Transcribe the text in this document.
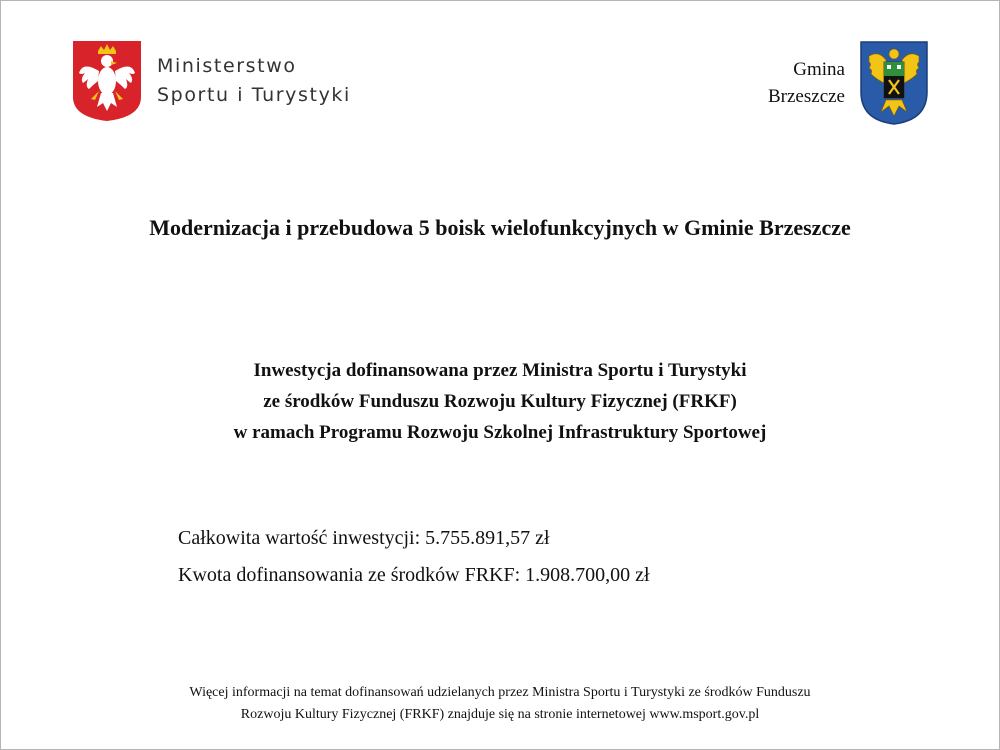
Ministerstwo
Sportu i Turystyki
Gmina
Brzeszcze
Modernizacja i przebudowa 5 boisk wielofunkcyjnych w Gminie Brzeszcze
Inwestycja dofinansowana przez Ministra Sportu i Turystyki
ze środków Funduszu Rozwoju Kultury Fizycznej (FRKF)
w ramach Programu Rozwoju Szkolnej Infrastruktury Sportowej
Całkowita wartość inwestycji: 5.755.891,57 zł
Kwota dofinansowania ze środków FRKF: 1.908.700,00 zł
Więcej informacji na temat dofinansowań udzielanych przez Ministra Sportu i Turystyki ze środków Funduszu
Rozwoju Kultury Fizycznej (FRKF) znajduje się na stronie internetowej www.msport.gov.pl
